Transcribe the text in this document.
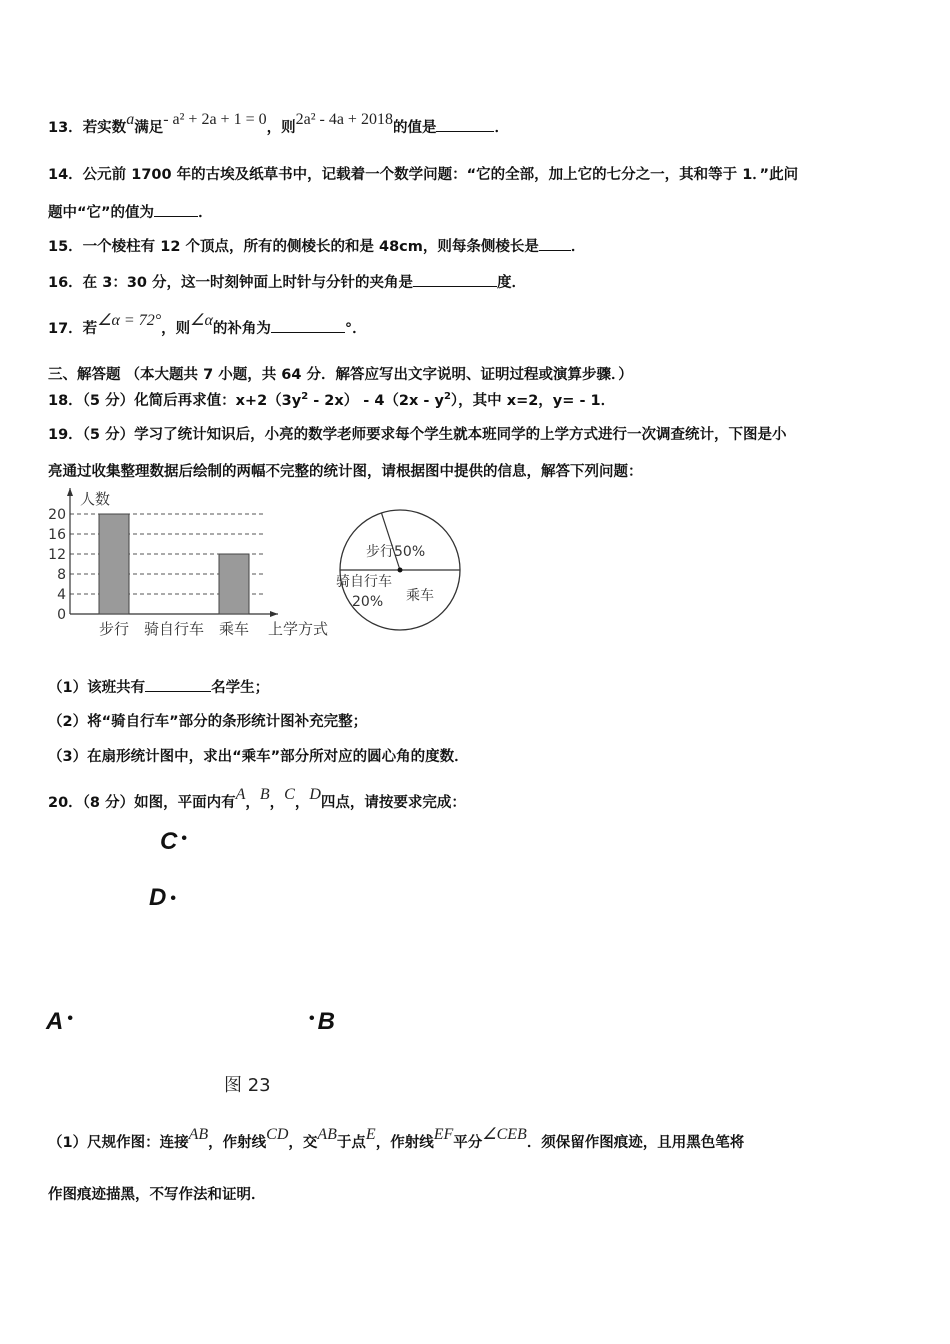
13．若实数a满足- a² + 2a + 1 = 0，则2a² - 4a + 2018的值是	．
14．公元前 1700 年的古埃及纸草书中，记载着一个数学问题：“它的全部，加上它的七分之一，其和等于 1．”此问
题中“它”的值为	．
15．一个棱柱有 12 个顶点，所有的侧棱长的和是 48cm，则每条侧棱长是 ．
16．在 3：30 分，这一时刻钟面上时针与分针的夹角是	度．
17．若∠α = 72°，则∠α的补角为	°．
三、解答题 （本大题共 7 小题，共 64 分．解答应写出文字说明、证明过程或演算步骤．）
18．（5 分）化简后再求值：$x+2(3y^2 - 2x) - 4(2x - y^2)$，其中 x=2，y= - 1．
19．（5 分）学习了统计知识后，小亮的数学老师要求每个学生就本班同学的上学方式进行一次调查统计，下图是小
亮通过收集整理数据后绘制的两幅不完整的统计图，请根据图中提供的信息，解答下列问题：
0
4
8
12
16
20
人数
步行 骑自行车 乘车 上学方式
步行50%
骑自行车
20% 乘车
（1）该班共有	名学生；
（2）将“骑自行车”部分的条形统计图补充完整；
（3）在扇形统计图中，求出“乘车”部分所对应的圆心角的度数．
20．（8 分）如图，平面内有A，B，C，D四点，请按要求完成：
C •
D •
A •	• B
图 23
（1）尺规作图：连接AB，作射线CD，交AB于点E，作射线EF平分∠CEB．须保留作图痕迹，且用黑色笔将
作图痕迹描黑，不写作法和证明．
